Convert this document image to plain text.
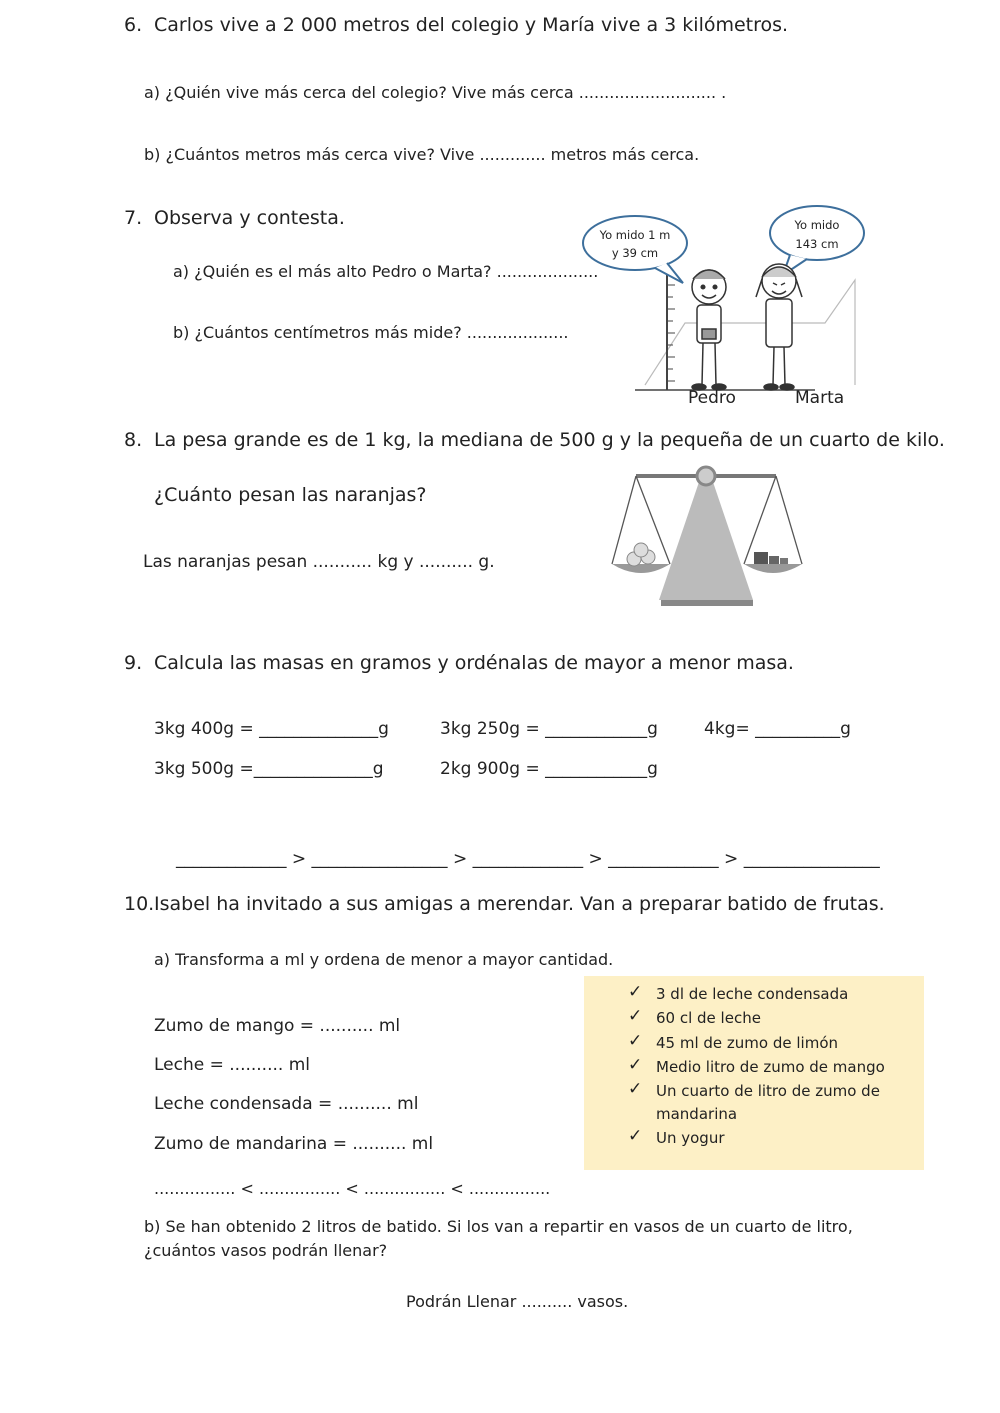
6. Carlos vive a 2 000 metros del colegio y María vive a 3 kilómetros.
a) ¿Quién vive más cerca del colegio? Vive más cerca ........................... .
b) ¿Cuántos metros más cerca vive? Vive ............. metros más cerca.
7. Observa y contesta.
a) ¿Quién es el más alto Pedro o Marta? ....................
b) ¿Cuántos centímetros más mide? ....................
Yo mido 1 m
y 39 cm
Yo mido
143 cm
Pedro	Marta
8. La pesa grande es de 1 kg, la mediana de 500 g y la pequeña de un cuarto de kilo.
¿Cuánto pesan las naranjas?
Las naranjas pesan ........... kg y .......... g.
9. Calcula las masas en gramos y ordénalas de mayor a menor masa.
3kg 400g = ______________g	3kg 250g = ____________g	4kg= __________g
3kg 500g =______________g	2kg 900g = ____________g
_____________ > ________________ > _____________ > _____________ > ________________
10. Isabel ha invitado a sus amigas a merendar. Van a preparar batido de frutas.
a) Transforma a ml y ordena de menor a mayor cantidad.
✓ 3 dl de leche condensada
✓ 60 cl de leche
✓ 45 ml de zumo de limón
✓ Medio litro de zumo de mango
✓ Un cuarto de litro de zumo de
mandarina
✓ Un yogur
Zumo de mango = .......... ml
Leche = .......... ml
Leche condensada = .......... ml
Zumo de mandarina = .......... ml
................ < ................ < ................ < ................
b) Se han obtenido 2 litros de batido. Si los van a repartir en vasos de un cuarto de litro,
¿cuántos vasos podrán llenar?
Podrán Llenar .......... vasos.
